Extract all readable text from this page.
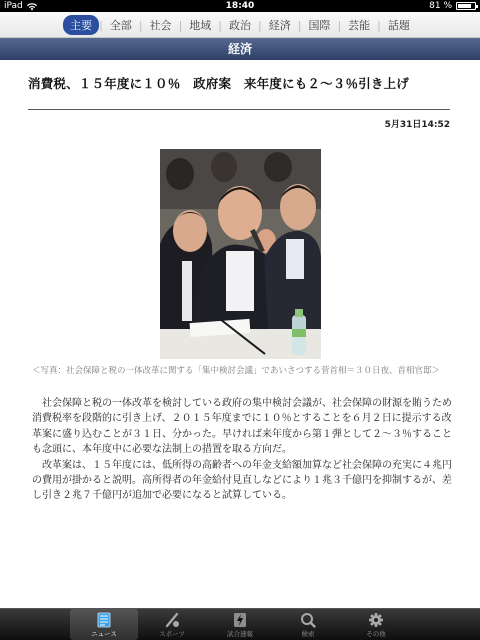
iPad	18:40	81 %
主要 | 全部 | 社会 | 地域 | 政治 | 経済 | 国際 | 芸能 | 話題
経済
消費税、１５年度に１０％　政府案　来年度にも２～３％引き上げ
5月31日14:52
＜写真：社会保障と税の一体改革に関する「集中検討会議」であいさつする菅首相＝３０日夜、首相官邸＞

社会保障と税の一体改革を検討している政府の集中検討会議が、社会保障の財源を賄うため消費税率を段階的に引き上げ、２０１５年度までに１０％とすることを６月２日に提示する改革案に盛り込むことが３１日、分かった。早ければ来年度から第１弾として２～３％することも念頭に、本年度中に必要な法制上の措置を取る方向だ。

改革案は、１５年度には、低所得の高齢者への年金支給額加算など社会保障の充実に４兆円の費用が掛かると説明。高所得者の年金給付見直しなどにより１兆３千億円を抑制するが、差し引き２兆７千億円が追加で必要になると試算している。

ニュース	スポーツ	試合速報	検索	その他
